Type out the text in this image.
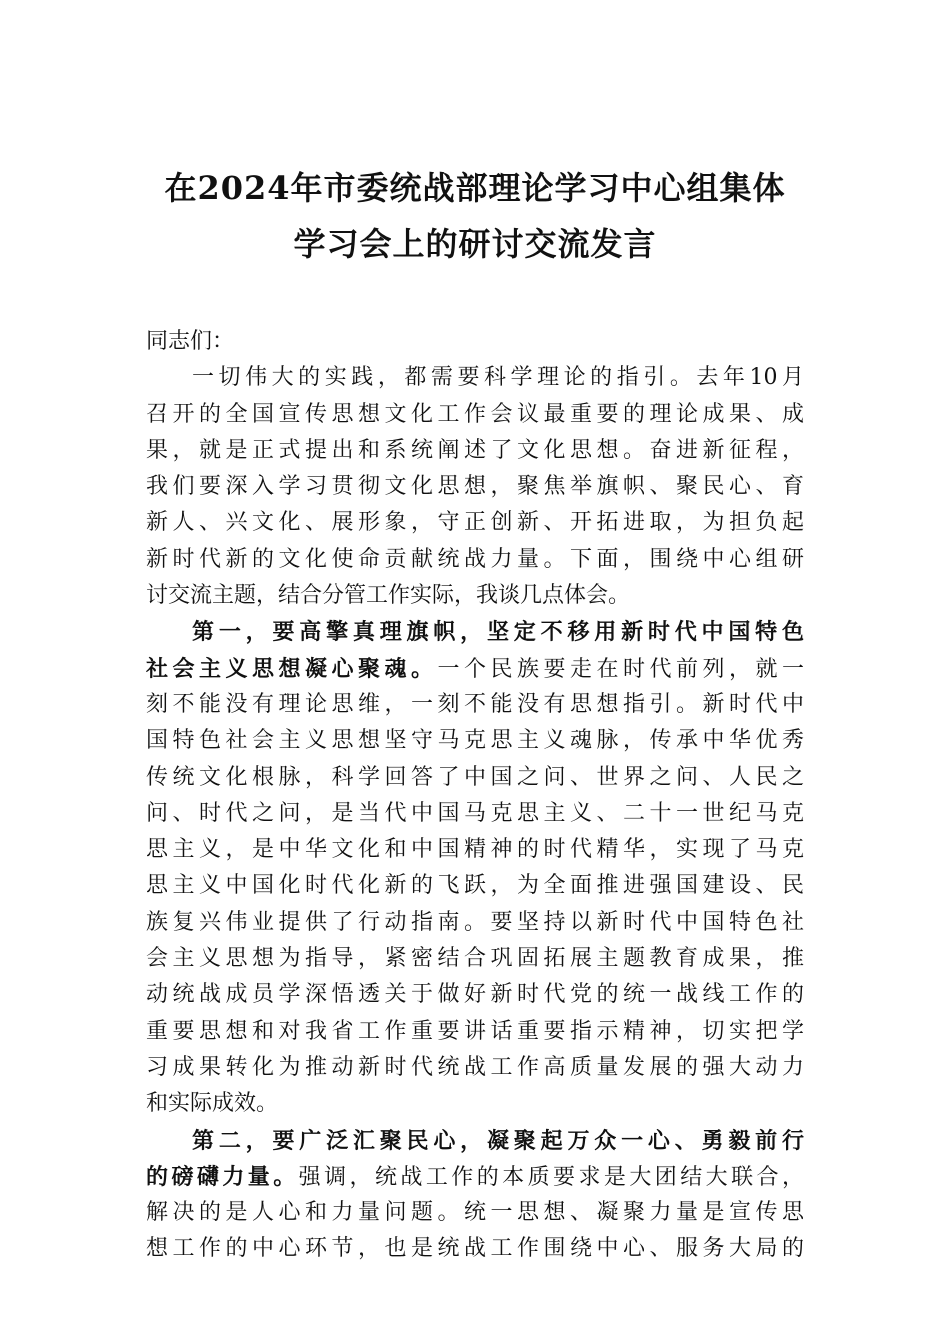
在2024年市委统战部理论学习中心组集体
学习会上的研讨交流发言
同志们：
一切伟大的实践，都需要科学理论的指引。去年10月
召开的全国宣传思想文化工作会议最重要的理论成果、成
果，就是正式提出和系统阐述了文化思想。奋进新征程，
我们要深入学习贯彻文化思想，聚焦举旗帜、聚民心、育
新人、兴文化、展形象，守正创新、开拓进取，为担负起
新时代新的文化使命贡献统战力量。下面，围绕中心组研
讨交流主题，结合分管工作实际，我谈几点体会。
第一，要高擎真理旗帜，坚定不移用新时代中国特色
社会主义思想凝心聚魂。一个民族要走在时代前列，就一
刻不能没有理论思维，一刻不能没有思想指引。新时代中
国特色社会主义思想坚守马克思主义魂脉，传承中华优秀
传统文化根脉，科学回答了中国之问、世界之问、人民之
问、时代之问，是当代中国马克思主义、二十一世纪马克
思主义，是中华文化和中国精神的时代精华，实现了马克
思主义中国化时代化新的飞跃，为全面推进强国建设、民
族复兴伟业提供了行动指南。要坚持以新时代中国特色社
会主义思想为指导，紧密结合巩固拓展主题教育成果，推
动统战成员学深悟透关于做好新时代党的统一战线工作的
重要思想和对我省工作重要讲话重要指示精神，切实把学
习成果转化为推动新时代统战工作高质量发展的强大动力
和实际成效。
第二，要广泛汇聚民心，凝聚起万众一心、勇毅前行
的磅礴力量。强调，统战工作的本质要求是大团结大联合，
解决的是人心和力量问题。统一思想、凝聚力量是宣传思
想工作的中心环节，也是统战工作围绕中心、服务大局的
